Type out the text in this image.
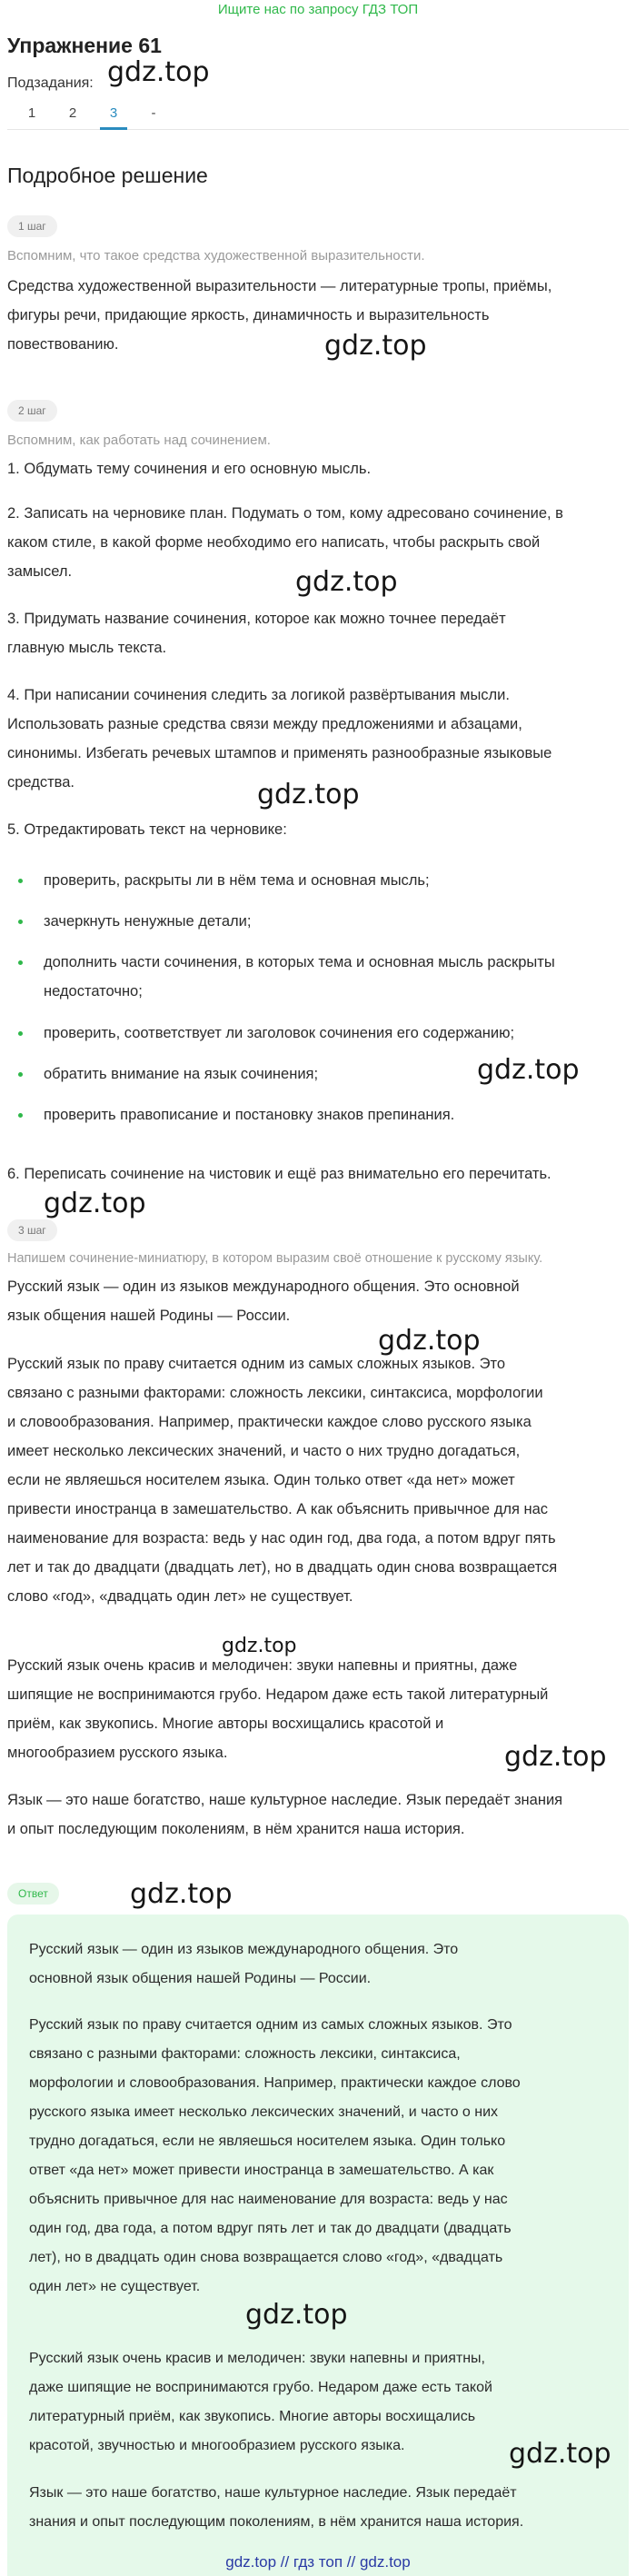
Ищите нас по запросу ГДЗ ТОП
Упражнение 61
Подзадания:
1	2	3	-
Подробное решение
1 шаг
Вспомним, что такое средства художественной выразительности.
Средства художественной выразительности — литературные тропы, приёмы,
фигуры речи, придающие яркость, динамичность и выразительность
повествованию.
2 шаг
Вспомним, как работать над сочинением.
1. Обдумать тему сочинения и его основную мысль.
2. Записать на черновике план. Подумать о том, кому адресовано сочинение, в
каком стиле, в какой форме необходимо его написать, чтобы раскрыть свой
замысел.
3. Придумать название сочинения, которое как можно точнее передаёт
главную мысль текста.
4. При написании сочинения следить за логикой развёртывания мысли.
Использовать разные средства связи между предложениями и абзацами,
синонимы. Избегать речевых штампов и применять разнообразные языковые
средства.
5. Отредактировать текст на черновике:
проверить, раскрыты ли в нём тема и основная мысль;
зачеркнуть ненужные детали;
дополнить части сочинения, в которых тема и основная мысль раскрыты
недостаточно;
проверить, соответствует ли заголовок сочинения его содержанию;
обратить внимание на язык сочинения;
проверить правописание и постановку знаков препинания.
6. Переписать сочинение на чистовик и ещё раз внимательно его перечитать.
3 шаг
Напишем сочинение-миниатюру, в котором выразим своё отношение к русскому языку.
Русский язык — один из языков международного общения. Это основной
язык общения нашей Родины — России.
Русский язык по праву считается одним из самых сложных языков. Это
связано с разными факторами: сложность лексики, синтаксиса, морфологии
и словообразования. Например, практически каждое слово русского языка
имеет несколько лексических значений, и часто о них трудно догадаться,
если не являешься носителем языка. Один только ответ «да нет» может
привести иностранца в замешательство. А как объяснить привычное для нас
наименование для возраста: ведь у нас один год, два года, а потом вдруг пять
лет и так до двадцати (двадцать лет), но в двадцать один снова возвращается
слово «год», «двадцать один лет» не существует.
Русский язык очень красив и мелодичен: звуки напевны и приятны, даже
шипящие не воспринимаются грубо. Недаром даже есть такой литературный
приём, как звукопись. Многие авторы восхищались красотой и
многообразием русского языка.
Язык — это наше богатство, наше культурное наследие. Язык передаёт знания
и опыт последующим поколениям, в нём хранится наша история.
Ответ
Русский язык — один из языков международного общения. Это
основной язык общения нашей Родины — России.
Русский язык по праву считается одним из самых сложных языков. Это
связано с разными факторами: сложность лексики, синтаксиса,
морфологии и словообразования. Например, практически каждое слово
русского языка имеет несколько лексических значений, и часто о них
трудно догадаться, если не являешься носителем языка. Один только
ответ «да нет» может привести иностранца в замешательство. А как
объяснить привычное для нас наименование для возраста: ведь у нас
один год, два года, а потом вдруг пять лет и так до двадцати (двадцать
лет), но в двадцать один снова возвращается слово «год», «двадцать
один лет» не существует.
Русский язык очень красив и мелодичен: звуки напевны и приятны,
даже шипящие не воспринимаются грубо. Недаром даже есть такой
литературный приём, как звукопись. Многие авторы восхищались
красотой, звучностью и многообразием русского языка.
Язык — это наше богатство, наше культурное наследие. Язык передаёт
знания и опыт последующим поколениям, в нём хранится наша история.
gdz.top
gdz.top
gdz.top
gdz.top
gdz.top
gdz.top
gdz.top
gdz.top
gdz.top
gdz.top
gdz.top
gdz.top
gdz.top // гдз топ // gdz.top
